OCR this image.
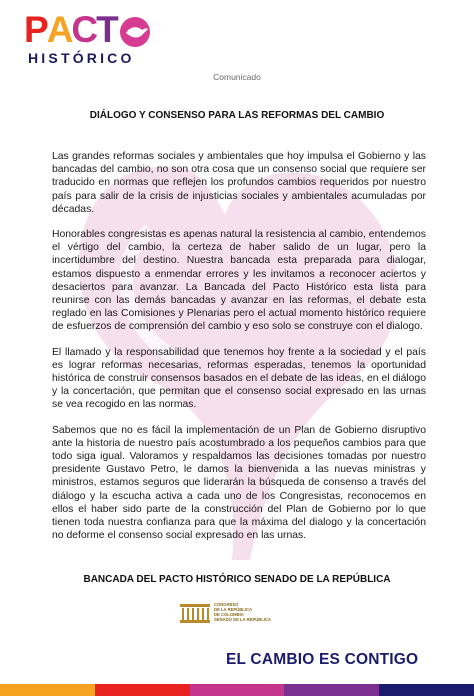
PACT
HISTÓRICO
Comunicado
DIÁLOGO Y CONSENSO PARA LAS REFORMAS DEL CAMBIO

Las grandes reformas sociales y ambientales que hoy impulsa el Gobierno y las bancadas del cambio, no son otra cosa que un consenso social que requiere ser traducido en normas que reflejen los profundos cambios requeridos por nuestro país para salir de la crisis de injusticias sociales y ambientales acumuladas por décadas.

Honorables congresistas es apenas natural la resistencia al cambio, entendemos el vértigo del cambio, la certeza de haber salido de un lugar, pero la incertidumbre del destino. Nuestra bancada esta preparada para dialogar, estamos dispuesto a enmendar errores y les invitamos a reconocer aciertos y desaciertos para avanzar. La Bancada del Pacto Histórico esta lista para reunirse con las demás bancadas y avanzar en las reformas, el debate esta reglado en las Comisiones y Plenarias pero el actual momento histórico requiere de esfuerzos de comprensión del cambio y eso solo se construye con el dialogo.

El llamado y la responsabilidad que tenemos hoy frente a la sociedad y el país es lograr reformas necesarias, reformas esperadas, tenemos la oportunidad histórica de construir consensos basados en el debate de las ideas, en el diálogo y la concertación, que permitan que el consenso social expresado en las urnas se vea recogido en las normas.

Sabemos que no es fácil la implementación de un Plan de Gobierno disruptivo ante la historia de nuestro país acostumbrado a los pequeños cambios para que todo siga igual. Valoramos y respaldamos las decisiones tomadas por nuestro presidente Gustavo Petro, le damos la bienvenida a las nuevas ministras y ministros, estamos seguros que liderarán la búsqueda de consenso a través del diálogo y la escucha activa a cada uno de los Congresistas, reconocemos en ellos el haber sido parte de la construcción del Plan de Gobierno por lo que tienen toda nuestra confianza para que la máxima del dialogo y la concertación no deforme el consenso social expresado en las urnas.

BANCADA DEL PACTO HISTÓRICO SENADO DE LA REPÚBLICA
CONGRESO
DE LA REPÚBLICA
DE COLOMBIA
SENADO DE LA REPÚBLICA
EL CAMBIO ES CONTIGO
